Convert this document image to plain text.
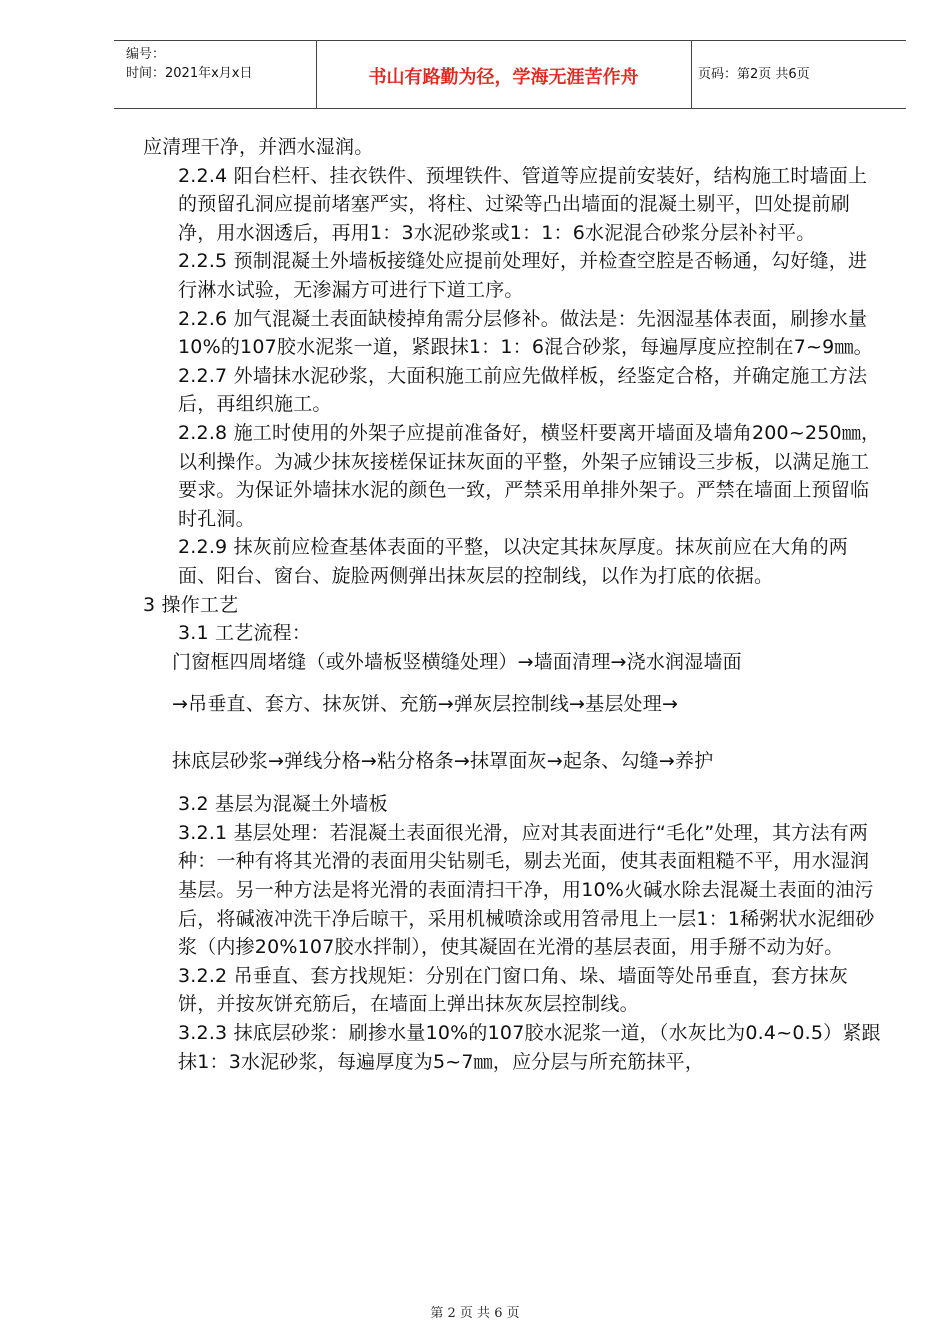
编号：
时间：2021年x月x日	书山有路勤为径，学海无涯苦作舟	页码：第2页 共6页

应清理干净，并洒水湿润。

2.2.4 阳台栏杆、挂衣铁件、预埋铁件、管道等应提前安装好，结构施工时墙面上的预留孔洞应提前堵塞严实，将柱、过梁等凸出墙面的混凝土剔平，凹处提前刷净，用水洇透后，再用1：3水泥砂浆或1：1：6水泥混合砂浆分层补衬平。

2.2.5 预制混凝土外墙板接缝处应提前处理好，并检查空腔是否畅通，勾好缝，进行淋水试验，无渗漏方可进行下道工序。

2.2.6 加气混凝土表面缺棱掉角需分层修补。做法是：先洇湿基体表面，刷掺水量10%的107胶水泥浆一道，紧跟抹1：1：6混合砂浆，每遍厚度应控制在7~9㎜。

2.2.7 外墙抹水泥砂浆，大面积施工前应先做样板，经鉴定合格，并确定施工方法后，再组织施工。

2.2.8 施工时使用的外架子应提前准备好，横竖杆要离开墙面及墙角200~250㎜，以利操作。为减少抹灰接槎保证抹灰面的平整，外架子应铺设三步板，以满足施工要求。为保证外墙抹水泥的颜色一致，严禁采用单排外架子。严禁在墙面上预留临时孔洞。

2.2.9 抹灰前应检查基体表面的平整，以决定其抹灰厚度。抹灰前应在大角的两面、阳台、窗台、旋脸两侧弹出抹灰层的控制线，以作为打底的依据。

3 操作工艺

3.1 工艺流程：

门窗框四周堵缝（或外墙板竖横缝处理）→墙面清理→浇水润湿墙面

→吊垂直、套方、抹灰饼、充筋→弹灰层控制线→基层处理→

抹底层砂浆→弹线分格→粘分格条→抹罩面灰→起条、勾缝→养护

3.2 基层为混凝土外墙板

3.2.1 基层处理：若混凝土表面很光滑，应对其表面进行“毛化”处理，其方法有两种：一种有将其光滑的表面用尖钻剔毛，剔去光面，使其表面粗糙不平，用水湿润基层。另一种方法是将光滑的表面清扫干净，用10%火碱水除去混凝土表面的油污后，将碱液冲洗干净后晾干，采用机械喷涂或用笤帚甩上一层1：1稀粥状水泥细砂浆（内掺20%107胶水拌制），使其凝固在光滑的基层表面，用手掰不动为好。

3.2.2 吊垂直、套方找规矩：分别在门窗口角、垛、墙面等处吊垂直，套方抹灰饼，并按灰饼充筋后，在墙面上弹出抹灰灰层控制线。

3.2.3 抹底层砂浆：刷掺水量10%的107胶水泥浆一道，（水灰比为0.4~0.5）紧跟抹1：3水泥砂浆，每遍厚度为5~7㎜，应分层与所充筋抹平，

第 2 页 共 6 页
